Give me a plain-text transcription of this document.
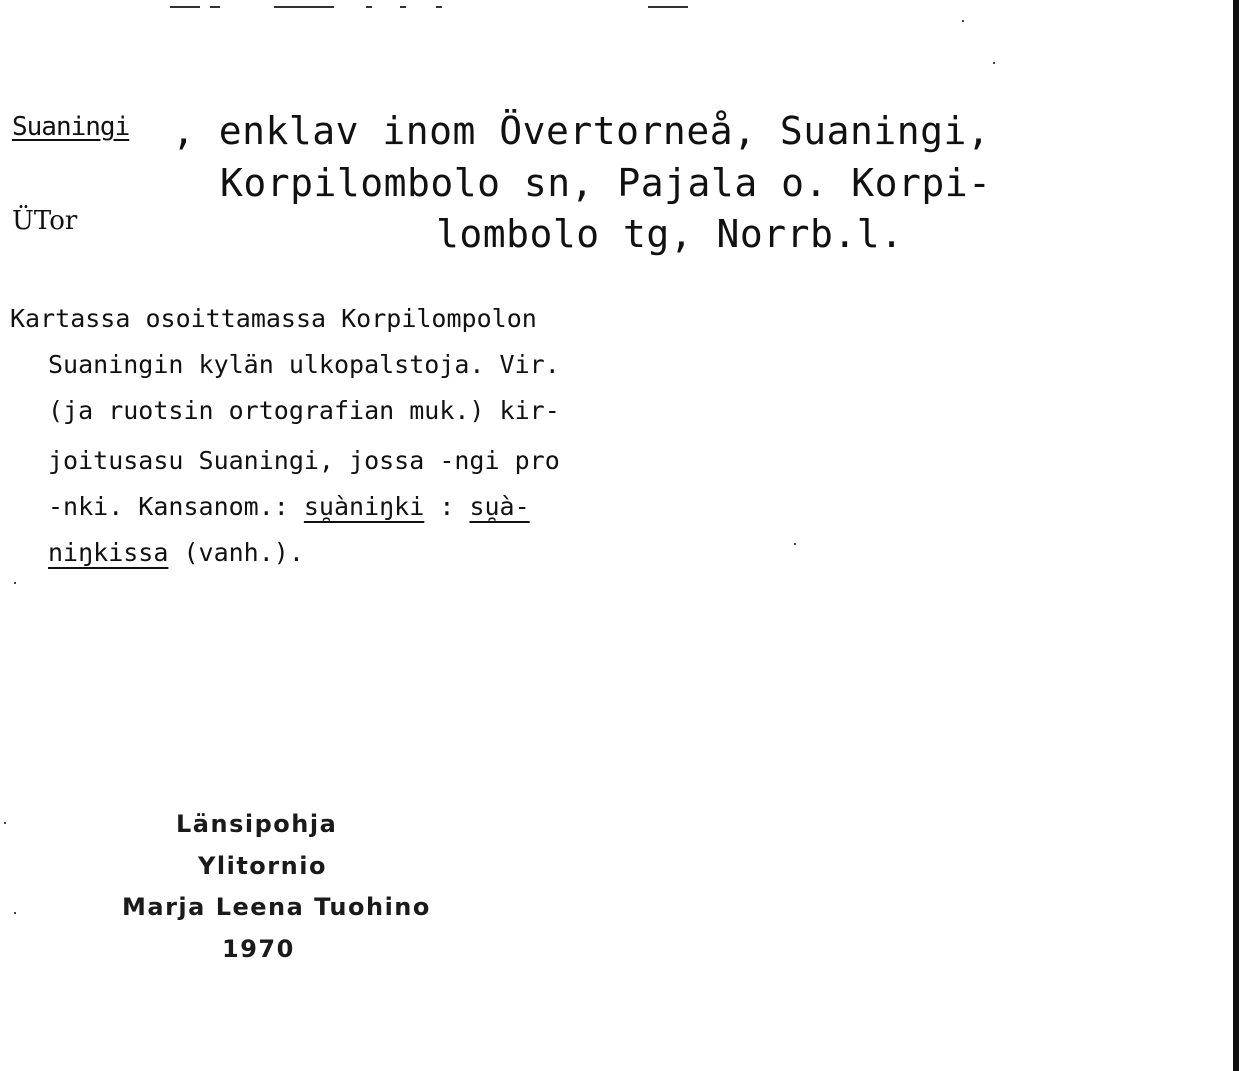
Suaningi , enklav inom Övertorneå, Suaningi,
Korpilombolo sn, Pajala o. Korpi-
lombolo tg, Norrb.l.
ÜTor
Kartassa osoittamassa Korpilompolon
Suaningin kylän ulkopalstoja. Vir.
(ja ruotsin ortografian muk.) kir-
joitusasu Suaningi, jossa -ngi pro
-nki. Kansanom.: su̯àniŋki : su̯à-
niŋkissa (vanh.).
Länsipohja
Ylitornio
Marja Leena Tuohino
1970
